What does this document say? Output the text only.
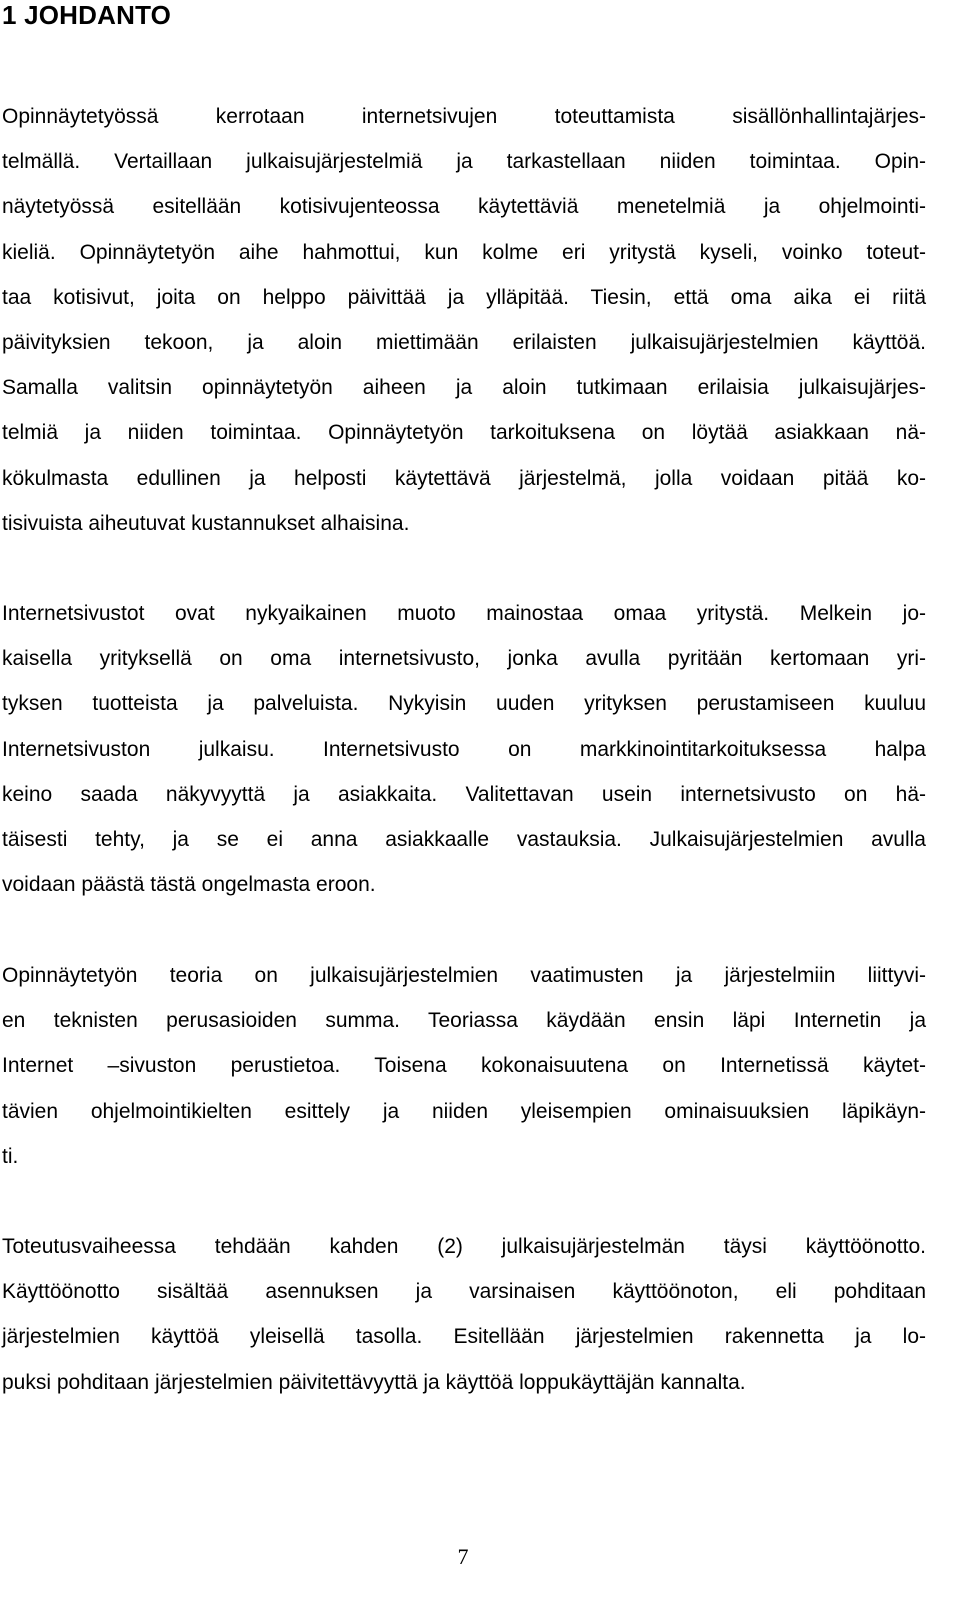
1 JOHDANTO
Opinnäytetyössä kerrotaan internetsivujen toteuttamista sisällönhallintajärjes-
telmällä. Vertaillaan julkaisujärjestelmiä ja tarkastellaan niiden toimintaa. Opin-
näytetyössä esitellään kotisivujenteossa käytettäviä menetelmiä ja ohjelmointi-
kieliä. Opinnäytetyön aihe hahmottui, kun kolme eri yritystä kyseli, voinko toteut-
taa kotisivut, joita on helppo päivittää ja ylläpitää. Tiesin, että oma aika ei riitä
päivityksien tekoon, ja aloin miettimään erilaisten julkaisujärjestelmien käyttöä.
Samalla valitsin opinnäytetyön aiheen ja aloin tutkimaan erilaisia julkaisujärjes-
telmiä ja niiden toimintaa. Opinnäytetyön tarkoituksena on löytää asiakkaan nä-
kökulmasta edullinen ja helposti käytettävä järjestelmä, jolla voidaan pitää ko-
tisivuista aiheutuvat kustannukset alhaisina.
Internetsivustot ovat nykyaikainen muoto mainostaa omaa yritystä. Melkein jo-
kaisella yrityksellä on oma internetsivusto, jonka avulla pyritään kertomaan yri-
tyksen tuotteista ja palveluista. Nykyisin uuden yrityksen perustamiseen kuuluu
Internetsivuston julkaisu. Internetsivusto on markkinointitarkoituksessa halpa
keino saada näkyvyyttä ja asiakkaita. Valitettavan usein internetsivusto on hä-
täisesti tehty, ja se ei anna asiakkaalle vastauksia. Julkaisujärjestelmien avulla
voidaan päästä tästä ongelmasta eroon.
Opinnäytetyön teoria on julkaisujärjestelmien vaatimusten ja järjestelmiin liittyvi-
en teknisten perusasioiden summa. Teoriassa käydään ensin läpi Internetin ja
Internet –sivuston perustietoa. Toisena kokonaisuutena on Internetissä käytet-
tävien ohjelmointikielten esittely ja niiden yleisempien ominaisuuksien läpikäyn-
ti.
Toteutusvaiheessa tehdään kahden (2) julkaisujärjestelmän täysi käyttöönotto.
Käyttöönotto sisältää asennuksen ja varsinaisen käyttöönoton, eli pohditaan
järjestelmien käyttöä yleisellä tasolla. Esitellään järjestelmien rakennetta ja lo-
puksi pohditaan järjestelmien päivitettävyyttä ja käyttöä loppukäyttäjän kannalta.
7
